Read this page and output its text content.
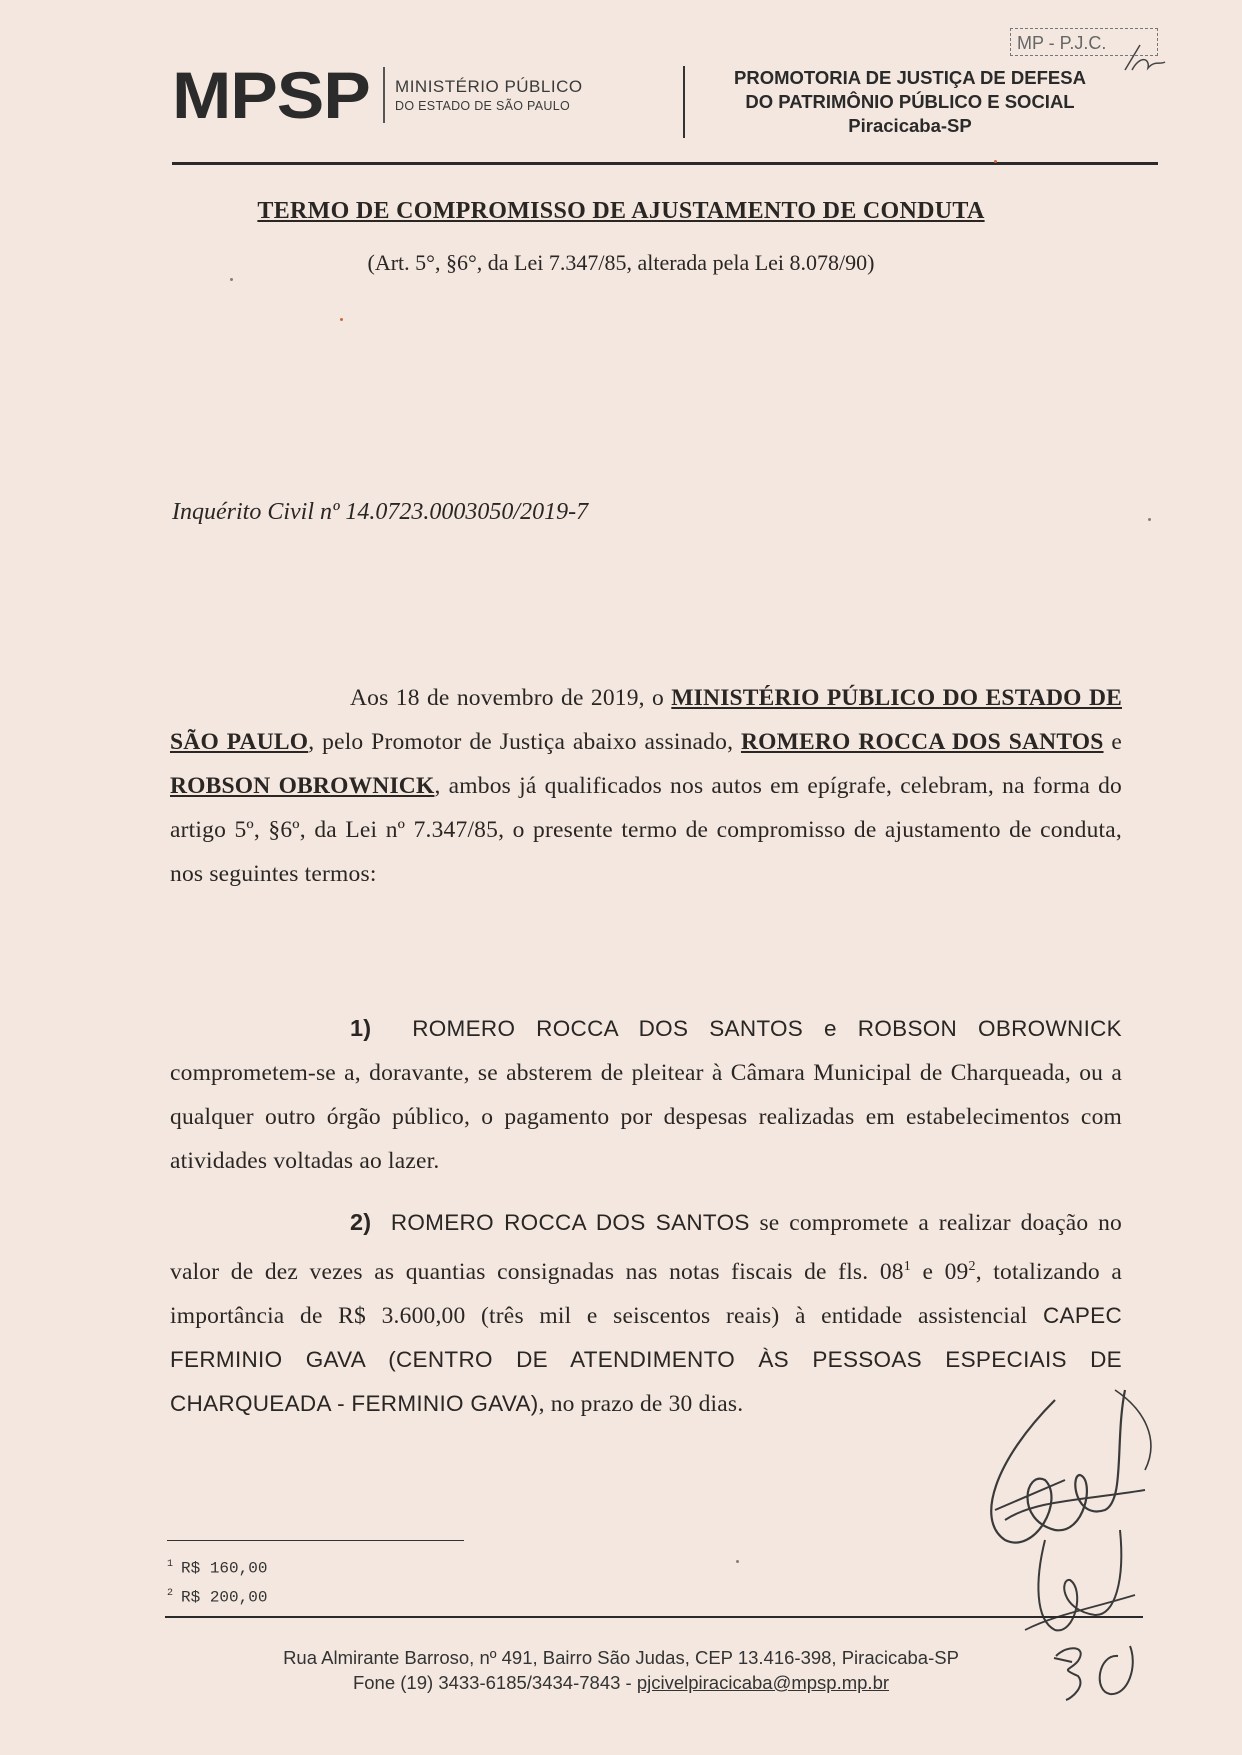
MPSP MINISTÉRIO PÚBLICO
DO ESTADO DE SÃO PAULO
PROMOTORIA DE JUSTIÇA DE DEFESA
DO PATRIMÔNIO PÚBLICO E SOCIAL
Piracicaba-SP
MP - P.J.C.
TERMO DE COMPROMISSO DE AJUSTAMENTO DE CONDUTA
(Art. 5°, §6°, da Lei 7.347/85, alterada pela Lei 8.078/90)
Inquérito Civil nº 14.0723.0003050/2019-7
Aos 18 de novembro de 2019, o MINISTÉRIO PÚBLICO DO ESTADO DE SÃO PAULO, pelo Promotor de Justiça abaixo assinado, ROMERO ROCCA DOS SANTOS e ROBSON OBROWNICK, ambos já qualificados nos autos em epígrafe, celebram, na forma do artigo 5º, §6º, da Lei nº 7.347/85, o presente termo de compromisso de ajustamento de conduta, nos seguintes termos:
1) ROMERO ROCCA DOS SANTOS e ROBSON OBROWNICK comprometem-se a, doravante, se absterem de pleitear à Câmara Municipal de Charqueada, ou a qualquer outro órgão público, o pagamento por despesas realizadas em estabelecimentos com atividades voltadas ao lazer.
2) ROMERO ROCCA DOS SANTOS se compromete a realizar doação no valor de dez vezes as quantias consignadas nas notas fiscais de fls. $08^1$ e $09^2$, totalizando a importância de R$ 3.600,00 (três mil e seiscentos reais) à entidade assistencial CAPEC FERMINIO GAVA (CENTRO DE ATENDIMENTO ÀS PESSOAS ESPECIAIS DE CHARQUEADA - FERMINIO GAVA), no prazo de 30 dias.
$^1$ R$ 160,00
$^2$ R$ 200,00
Rua Almirante Barroso, nº 491, Bairro São Judas, CEP 13.416-398, Piracicaba-SP
Fone (19) 3433-6185/3434-7843 - pjcivelpiracicaba@mpsp.mp.br
